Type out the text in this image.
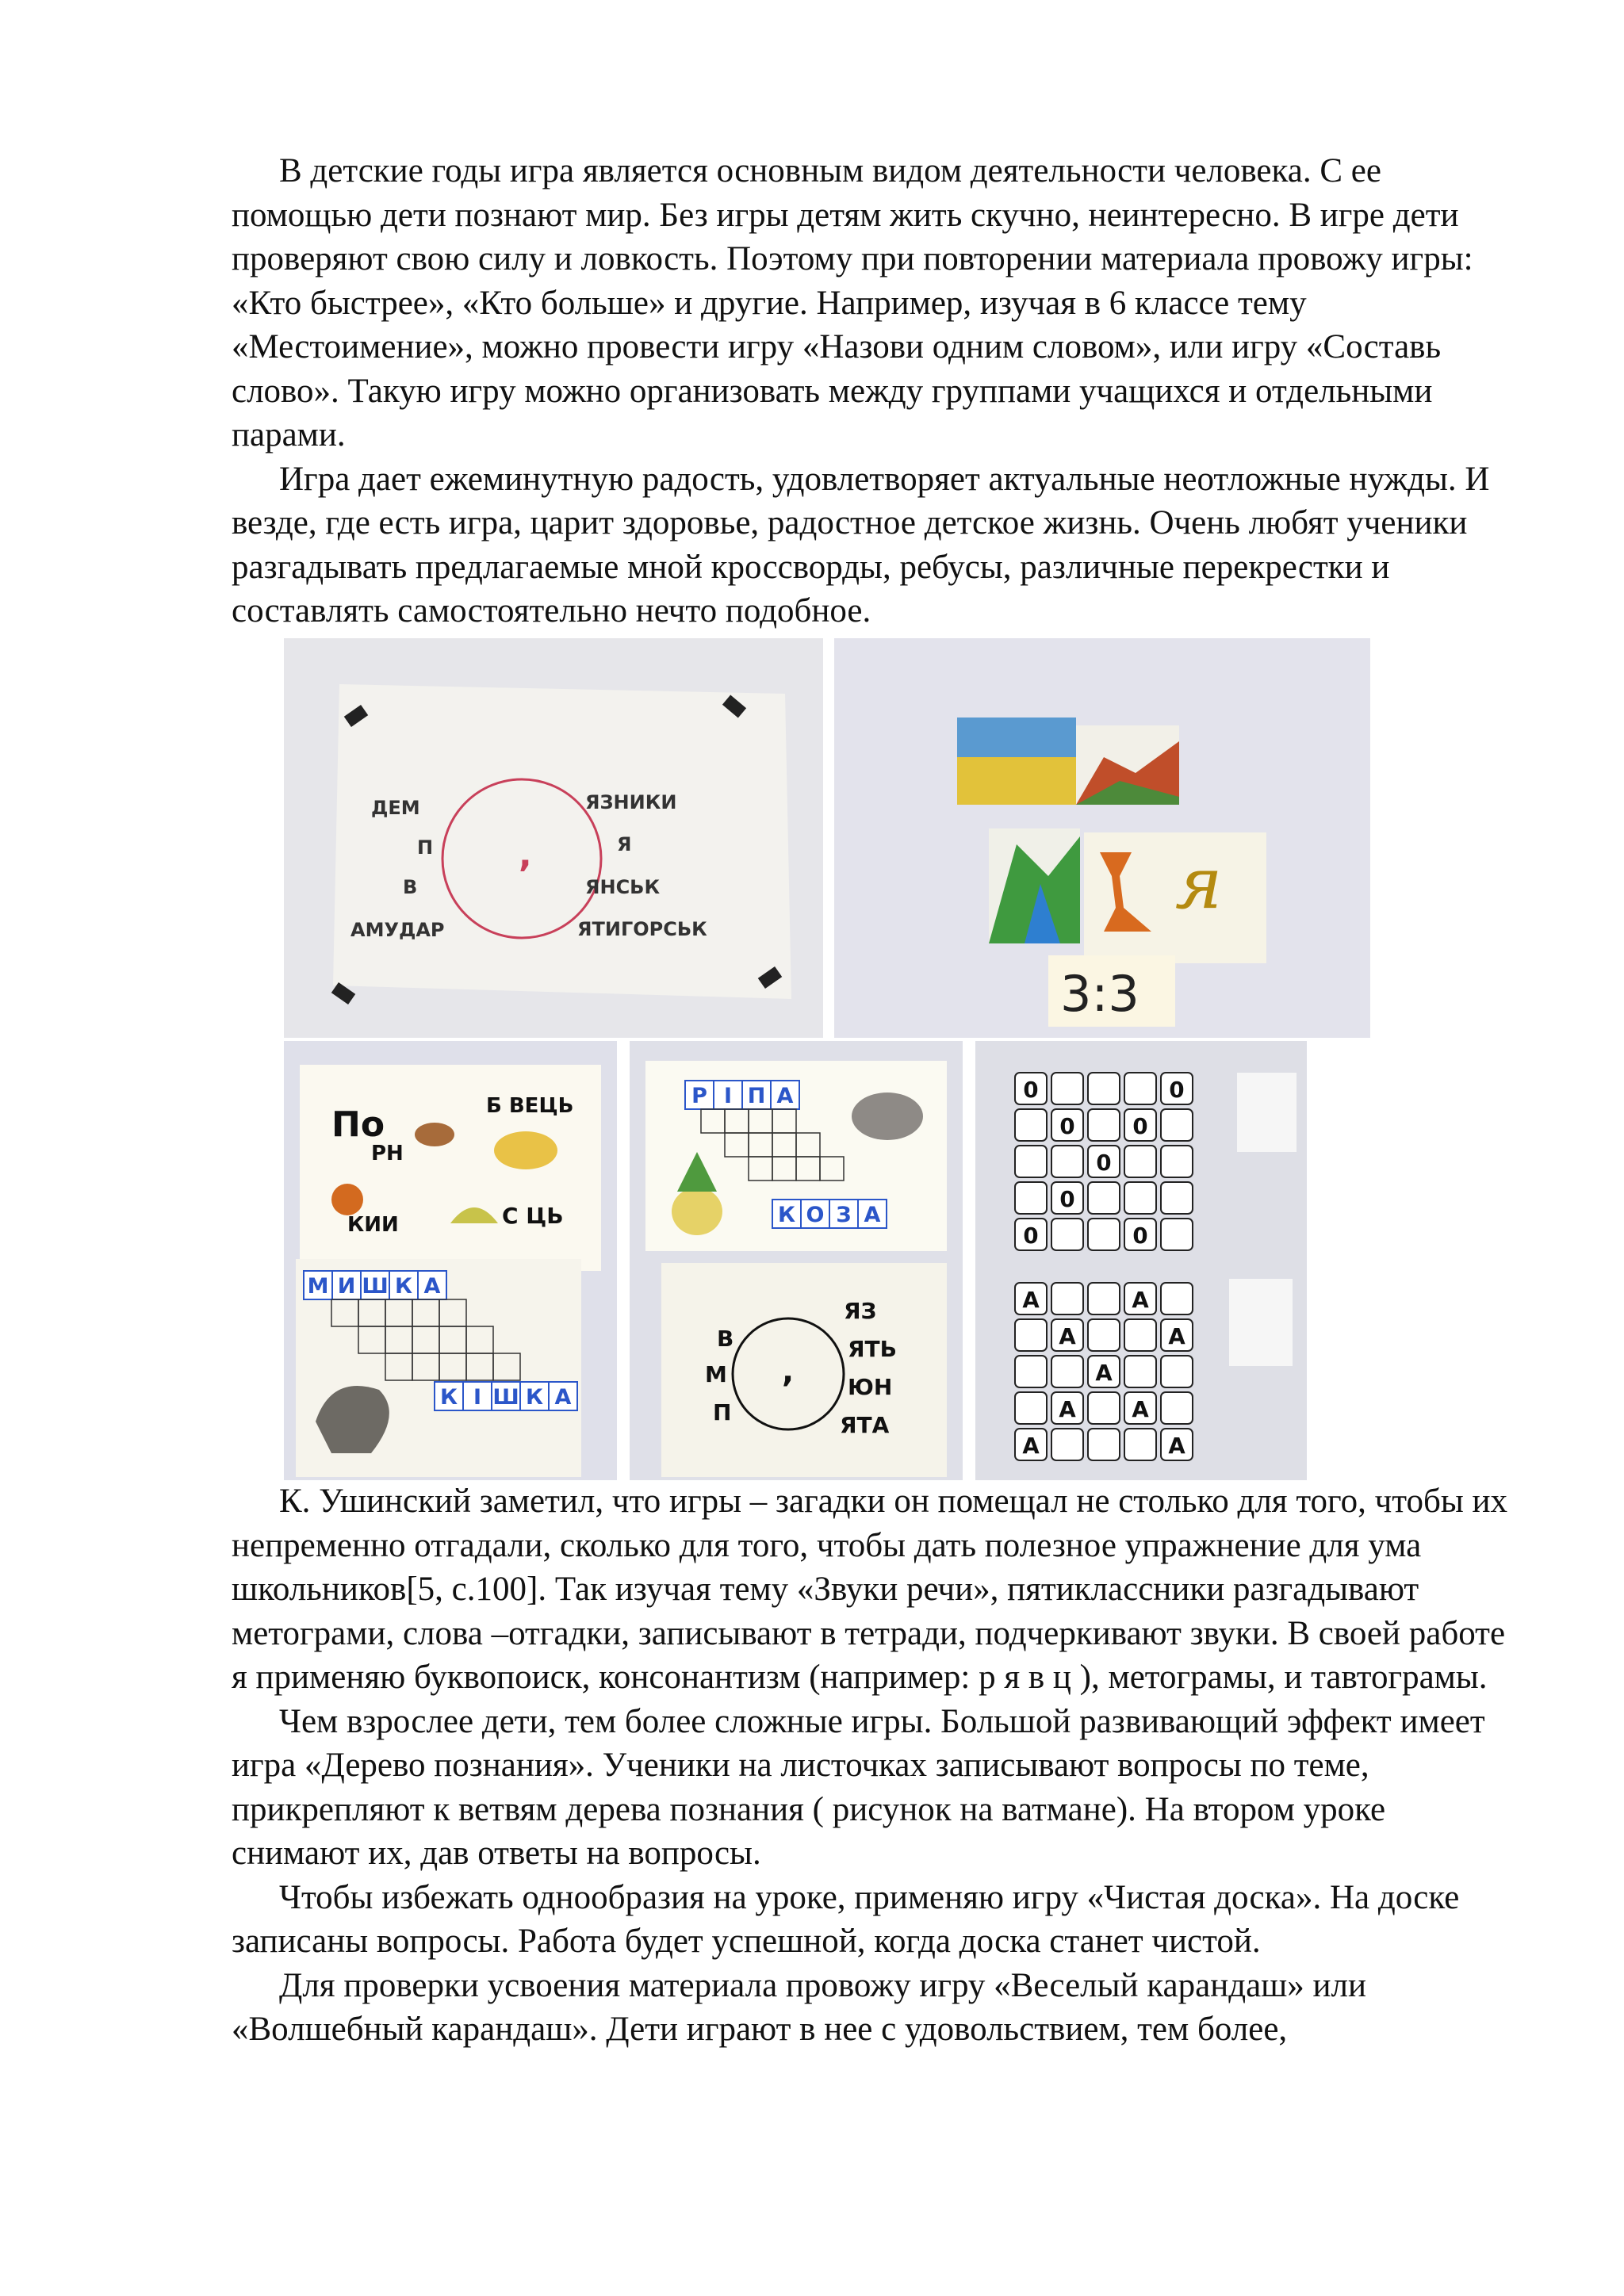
В детские годы игра является основным видом деятельности человека. С ее помощью дети познают мир. Без игры детям жить скучно, неинтересно. В игре дети проверяют свою силу и ловкость. Поэтому при повторении материала провожу игры: «Кто быстрее», «Кто больше» и другие. Например, изучая в 6 классе тему «Местоимение», можно провести игру «Назови одним словом», или игру «Составь слово». Такую игру можно организовать между группами учащихся и отдельными парами.

Игра дает ежеминутную радость, удовлетворяет актуальные неотложные нужды. И везде, где есть игра, царит здоровье, радостное детское жизнь. Очень любят ученики разгадывать предлагаемые мной кроссворды, ребусы, различные перекрестки и составлять самостоятельно нечто подобное.

ДЕМ
П
В
АМУДАР
ЯЗНИКИ
Я
ЯНСЬК
ЯТИГОРСЬК
,	я
3:3
По
РН
Б ВЕЦЬ
КИИ	С ЦЬ
М И Ш К А
К І Ш К А
Р І П А
К О З А
,
В
М
П
ЯЗ
ЯТЬ
ЮН
ЯТА
0	0
0	0
0
0
0	0
А	А
А	А
А
А	А
А	А

К. Ушинский заметил, что игры – загадки он помещал не столько для того, чтобы их непременно отгадали, сколько для того, чтобы дать полезное упражнение для ума школьников[5, с.100]. Так изучая тему «Звуки речи», пятиклассники разгадывают метограми, слова –отгадки, записывают в тетради, подчеркивают звуки. В своей работе я применяю буквопоиск, консонантизм (например: р я в ц ), метограмы, и тавтограмы.

Чем взрослее дети, тем более сложные игры. Большой развивающий эффект имеет игра «Дерево познания». Ученики на листочках записывают вопросы по теме, прикрепляют к ветвям дерева познания ( рисунок на ватмане). На втором уроке снимают их, дав ответы на вопросы.

Чтобы избежать однообразия на уроке, применяю игру «Чистая доска». На доске записаны вопросы. Работа будет успешной, когда доска станет чистой.

Для проверки усвоения материала провожу игру «Веселый карандаш» или «Волшебный карандаш». Дети играют в нее с удовольствием, тем более,
